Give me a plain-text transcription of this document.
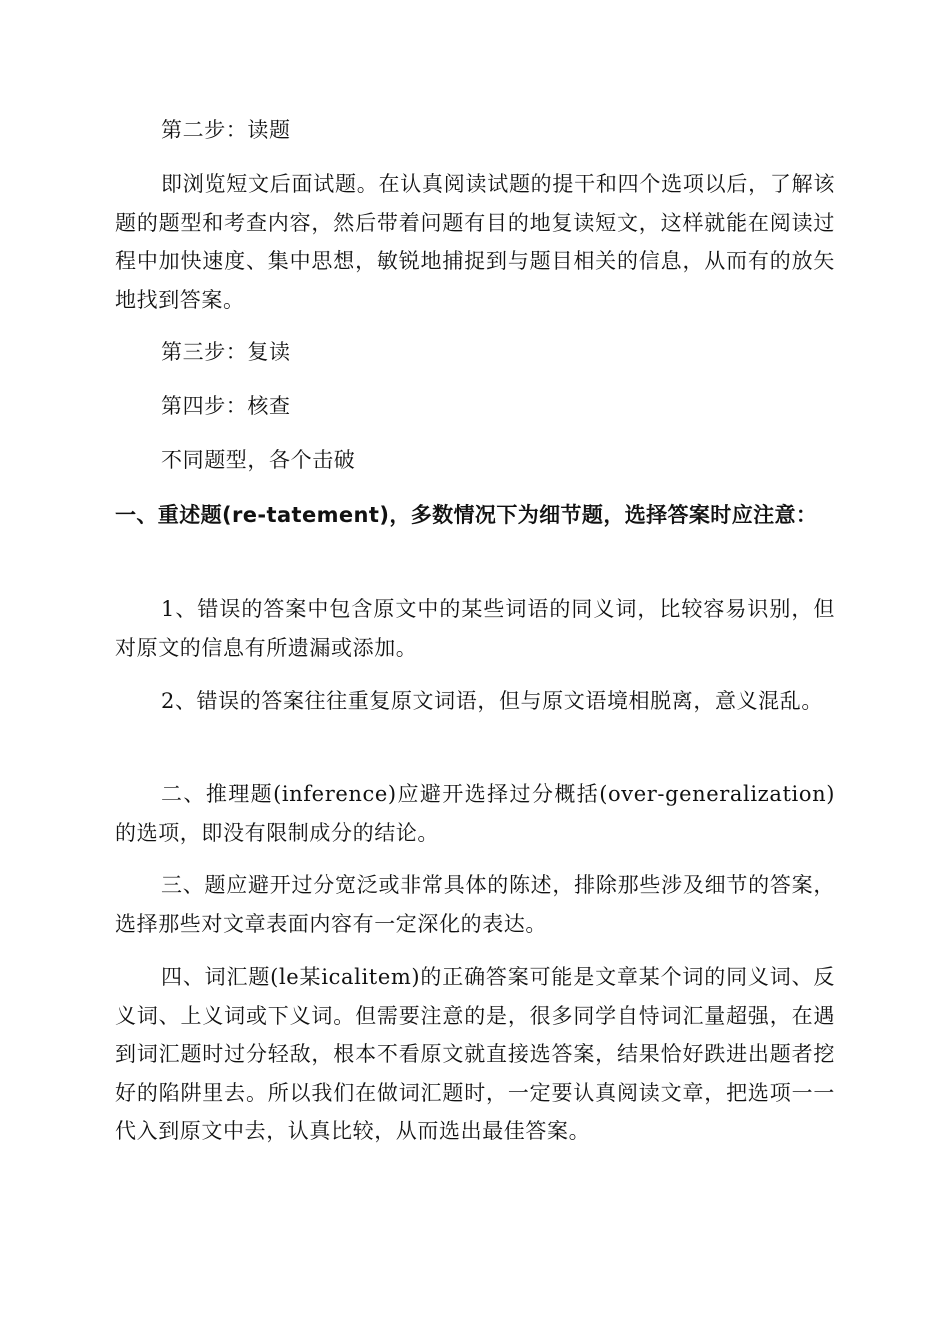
第二步：读题

即浏览短文后面试题。在认真阅读试题的提干和四个选项以后，了解该题的题型和考查内容，然后带着问题有目的地复读短文，这样就能在阅读过程中加快速度、集中思想，敏锐地捕捉到与题目相关的信息，从而有的放矢地找到答案。

第三步：复读

第四步：核查

不同题型，各个击破

一、重述题(re-tatement)，多数情况下为细节题，选择答案时应注意：

1、错误的答案中包含原文中的某些词语的同义词，比较容易识别，但对原文的信息有所遗漏或添加。

2、错误的答案往往重复原文词语，但与原文语境相脱离，意义混乱。

二、推理题(inference)应避开选择过分概括(over-generalization)的选项，即没有限制成分的结论。

三、题应避开过分宽泛或非常具体的陈述，排除那些涉及细节的答案，选择那些对文章表面内容有一定深化的表达。

四、词汇题(le某icalitem)的正确答案可能是文章某个词的同义词、反义词、上义词或下义词。但需要注意的是，很多同学自恃词汇量超强，在遇到词汇题时过分轻敌，根本不看原文就直接选答案，结果恰好跌进出题者挖好的陷阱里去。所以我们在做词汇题时，一定要认真阅读文章，把选项一一代入到原文中去，认真比较，从而选出最佳答案。
